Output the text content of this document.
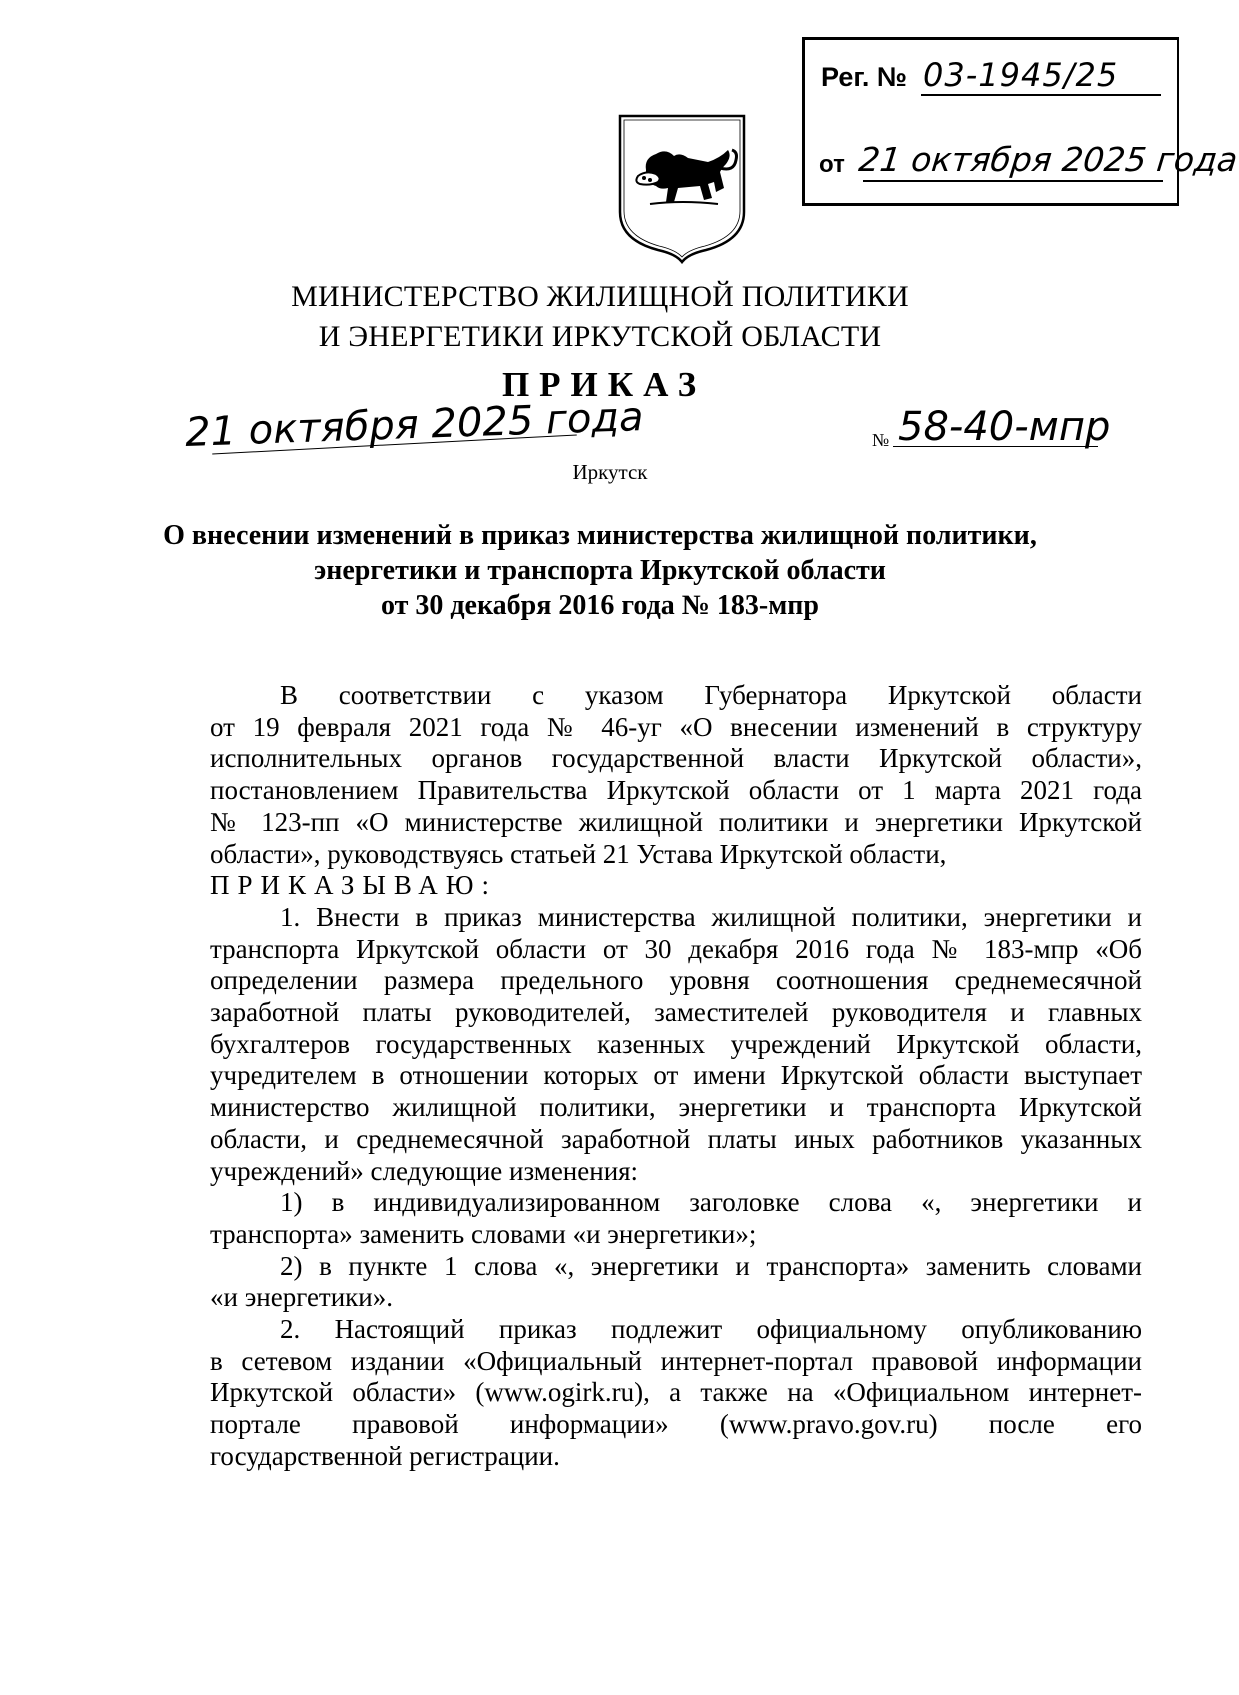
Рег. № 03-1945/25
от 21 октября 2025 года
МИНИСТЕРСТВО ЖИЛИЩНОЙ ПОЛИТИКИ
И ЭНЕРГЕТИКИ ИРКУТСКОЙ ОБЛАСТИ
ПРИКАЗ
21 октября 2025 года	№ 58-40-мпр
Иркутск
О внесении изменений в приказ министерства жилищной политики,
энергетики и транспорта Иркутской области
от 30 декабря 2016 года № 183-мпр

В соответствии с указом Губернатора Иркутской области

от 19 февраля 2021 года № 46-уг «О внесении изменений в структуру

исполнительных органов государственной власти Иркутской области»,

постановлением Правительства Иркутской области от 1 марта 2021 года

№ 123-пп «О министерстве жилищной политики и энергетики Иркутской

области», руководствуясь статьей 21 Устава Иркутской области,

ПРИКАЗЫВАЮ:

1. Внести в приказ министерства жилищной политики, энергетики и

транспорта Иркутской области от 30 декабря 2016 года № 183-мпр «Об

определении размера предельного уровня соотношения среднемесячной

заработной платы руководителей, заместителей руководителя и главных

бухгалтеров государственных казенных учреждений Иркутской области,

учредителем в отношении которых от имени Иркутской области выступает

министерство жилищной политики, энергетики и транспорта Иркутской

области, и среднемесячной заработной платы иных работников указанных

учреждений» следующие изменения:

1) в индивидуализированном заголовке слова «, энергетики и

транспорта» заменить словами «и энергетики»;

2) в пункте 1 слова «, энергетики и транспорта» заменить словами

«и энергетики».

2. Настоящий приказ подлежит официальному опубликованию

в сетевом издании «Официальный интернет-портал правовой информации

Иркутской области» (www.ogirk.ru), а также на «Официальном интернет-

портале правовой информации» (www.pravo.gov.ru) после его

государственной регистрации.
